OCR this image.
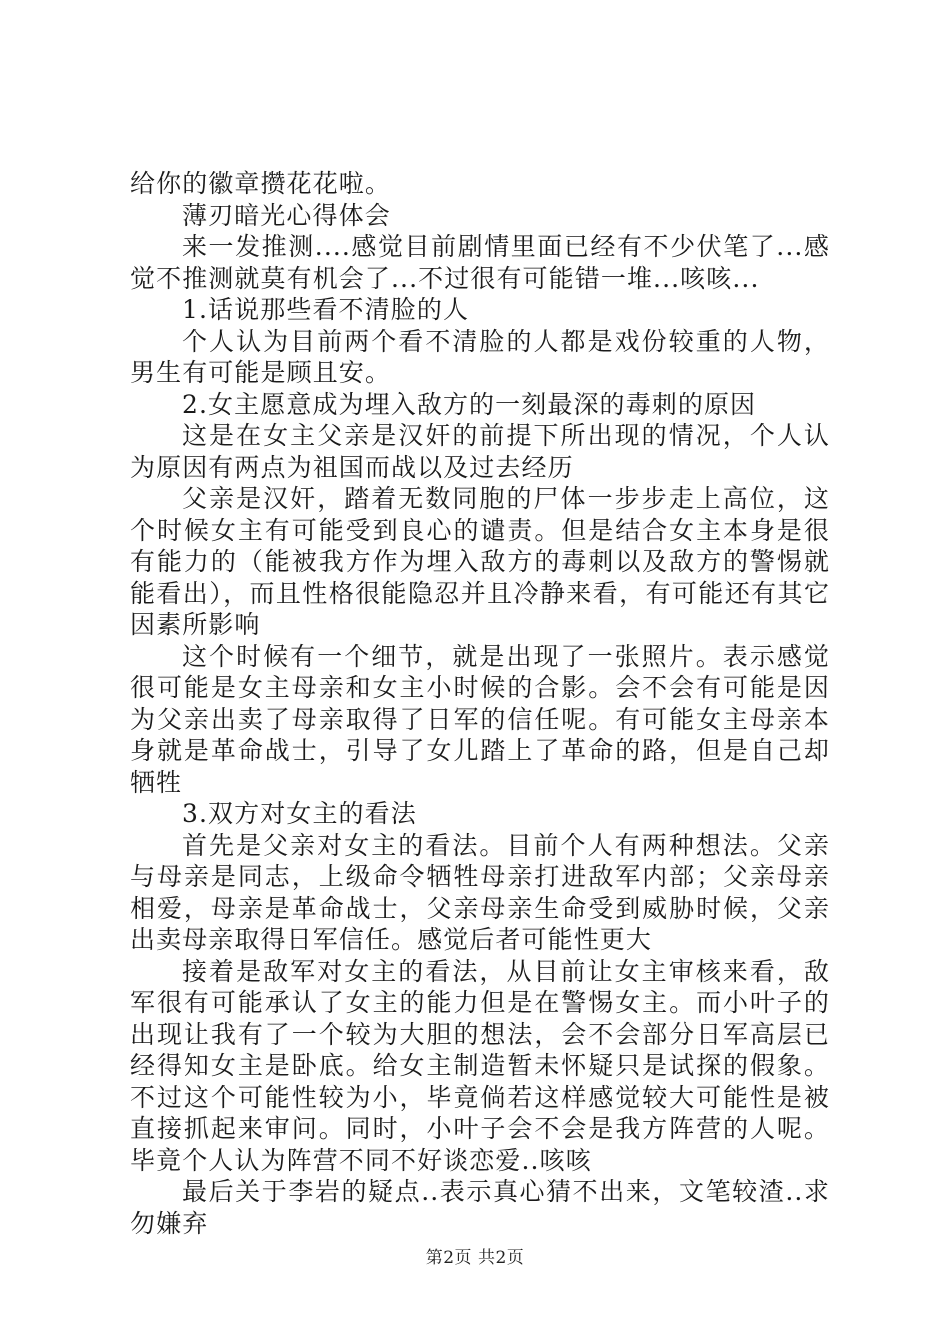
给你的徽章攒花花啦。

薄刃暗光心得体会

来一发推测....感觉目前剧情里面已经有不少伏笔了...感觉不推测就莫有机会了...不过很有可能错一堆...咳咳...

1.话说那些看不清脸的人

个人认为目前两个看不清脸的人都是戏份较重的人物，男生有可能是顾且安。

2.女主愿意成为埋入敌方的一刻最深的毒刺的原因

这是在女主父亲是汉奸的前提下所出现的情况，个人认为原因有两点为祖国而战以及过去经历

父亲是汉奸，踏着无数同胞的尸体一步步走上高位，这个时候女主有可能受到良心的谴责。但是结合女主本身是很有能力的（能被我方作为埋入敌方的毒刺以及敌方的警惕就能看出），而且性格很能隐忍并且冷静来看，有可能还有其它因素所影响

这个时候有一个细节，就是出现了一张照片。表示感觉很可能是女主母亲和女主小时候的合影。会不会有可能是因为父亲出卖了母亲取得了日军的信任呢。有可能女主母亲本身就是革命战士，引导了女儿踏上了革命的路，但是自己却牺牲

3.双方对女主的看法

首先是父亲对女主的看法。目前个人有两种想法。父亲与母亲是同志，上级命令牺牲母亲打进敌军内部；父亲母亲相爱，母亲是革命战士，父亲母亲生命受到威胁时候，父亲出卖母亲取得日军信任。感觉后者可能性更大

接着是敌军对女主的看法，从目前让女主审核来看，敌军很有可能承认了女主的能力但是在警惕女主。而小叶子的出现让我有了一个较为大胆的想法，会不会部分日军高层已经得知女主是卧底。给女主制造暂未怀疑只是试探的假象。不过这个可能性较为小，毕竟倘若这样感觉较大可能性是被直接抓起来审问。同时，小叶子会不会是我方阵营的人呢。毕竟个人认为阵营不同不好谈恋爱..咳咳

最后关于李岩的疑点..表示真心猜不出来，文笔较渣..求勿嫌弃

第2页 共2页
